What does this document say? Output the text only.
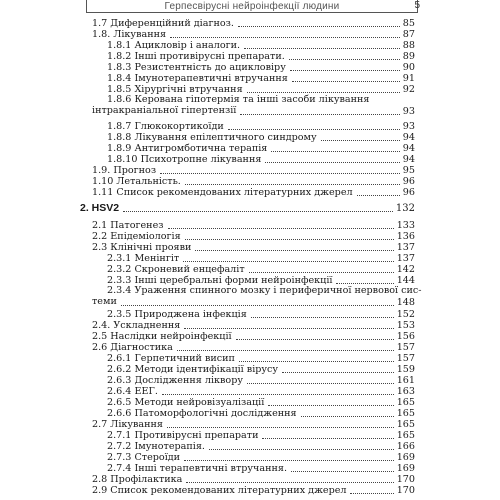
Герпесвірусні нейроінфекції людини	5
1.7 Диференційний діагноз.	85
1.8. Лікування	87
1.8.1 Ацикловір і аналоги.	88
1.8.2 Інші противірусні препарати.	89
1.8.3 Резистентність до ацикловіру	90
1.8.4 Імунотерапевтичні втручання	91
1.8.5 Хірургічні втручання	92
1.8.6 Керована гіпотермія та інші засоби лікування
інтракраніальної гіпертензії	93
1.8.7 Глюкокортикоїди	93
1.8.8 Лікування епілептичного синдрому	94
1.8.9 Антигромботична терапія	94
1.8.10 Психотропне лікування	94
1.9. Прогноз	95
1.10 Летальність.	96
1.11 Список рекомендованих літературних джерел	96
2. HSV2	132
2.1 Патогенез	133
2.2 Епідеміологія	136
2.3 Клінічні прояви	137
2.3.1 Менінгіт	137
2.3.2 Скроневий енцефаліт	142
2.3.3 Інші церебральні форми нейроінфекції	144
2.3.4 Ураження спинного мозку і периферичної нервової сис-
теми	148
2.3.5 Природжена інфекція	152
2.4. Ускладнення	153
2.5 Наслідки нейроінфекції	156
2.6 Діагностика	157
2.6.1 Герпетичний висип	157
2.6.2 Методи ідентифікації вірусу	159
2.6.3 Дослідження ліквору	161
2.6.4 ЕЕГ.	163
2.6.5 Методи нейровізуалізації	165
2.6.6 Патоморфологічні дослідження	165
2.7 Лікування	165
2.7.1 Противірусні препарати	165
2.7.2 Імунотерапія.	166
2.7.3 Стероїди	169
2.7.4 Інші терапевтичні втручання.	169
2.8 Профілактика	170
2.9 Список рекомендованих літературних джерел	170
